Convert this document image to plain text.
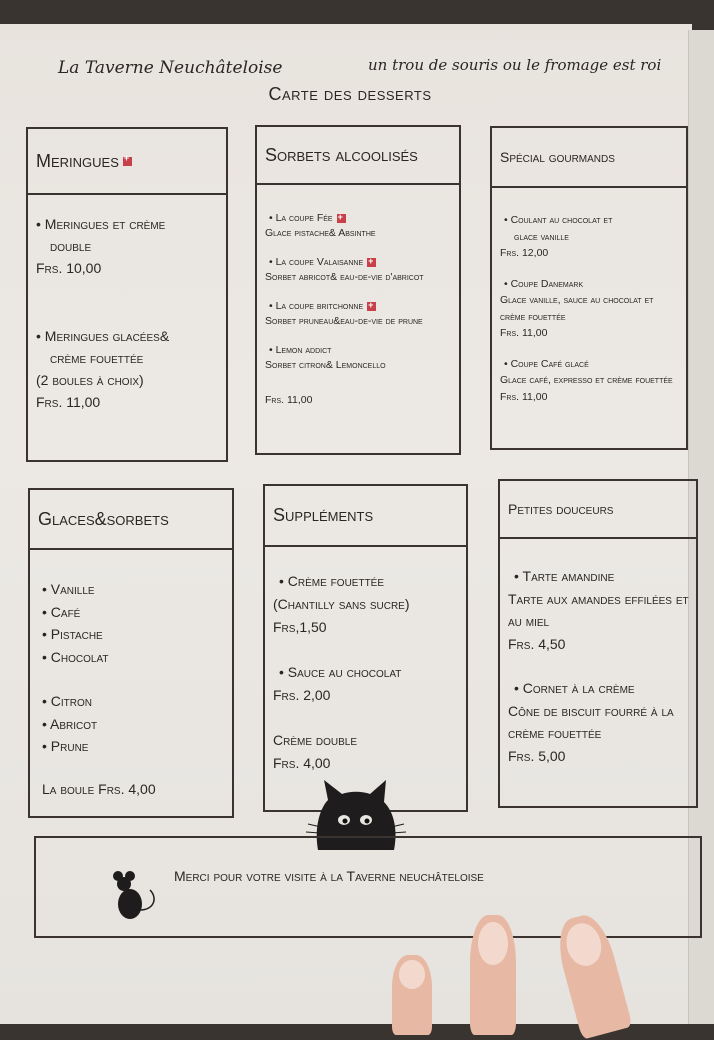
La Taverne Neuchâteloise	un trou de souris ou le fromage est roi
Carte des desserts
Meringues
+
• Meringues et crème
double
Frs. 10,00
• Meringues glacées&
crème fouettée
(2 boules à choix)
Frs. 11,00
Sorbets alcoolisés
• La coupe Fée+
Glace pistache& Absinthe
• La coupe Valaisanne+
Sorbet abricot& eau-de-vie d'abricot
• La coupe britchonne+
Sorbet pruneau&eau-de-vie de prune
• Lemon addict
Sorbet citron& Lemoncello
Frs. 11,00
Spécial gourmands
• Coulant au chocolat et
glace vanille
Frs. 12,00
• Coupe Danemark
Glace vanille, sauce au chocolat et crème fouettée
Frs. 11,00
• Coupe Café glacé
Glace café, expresso et crème fouettée
Frs. 11,00
Glaces&sorbets
• Vanille
• Café
• Pistache
• Chocolat
• Citron
• Abricot
• Prune
La boule Frs. 4,00
Suppléments
• Crème fouettée
(Chantilly sans sucre)
Frs,1,50
• Sauce au chocolat
Frs. 2,00
Crème double
Frs. 4,00
Petites douceurs
• Tarte amandine
Tarte aux amandes effilées et au miel
Frs. 4,50
• Cornet à la crème
Cône de biscuit fourré à la crème fouettée
Frs. 5,00
Merci pour votre visite à la Taverne neuchâteloise
